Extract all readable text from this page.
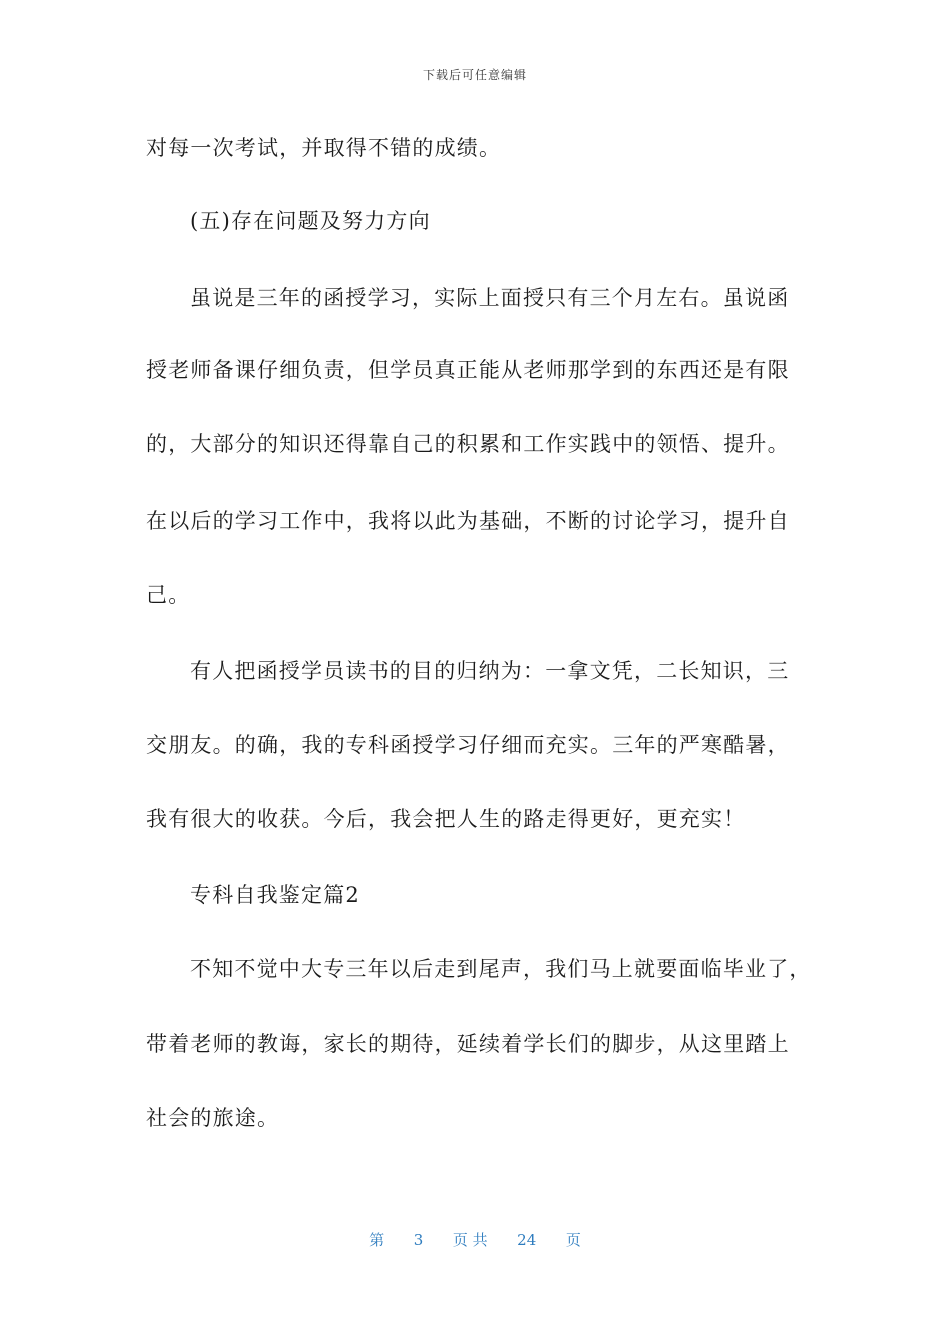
下载后可任意编辑
对每一次考试，并取得不错的成绩。
(五)存在问题及努力方向
虽说是三年的函授学习，实际上面授只有三个月左右。虽说函
授老师备课仔细负责，但学员真正能从老师那学到的东西还是有限
的，大部分的知识还得靠自己的积累和工作实践中的领悟、提升。
在以后的学习工作中，我将以此为基础，不断的讨论学习，提升自
己。
有人把函授学员读书的目的归纳为：一拿文凭，二长知识，三
交朋友。的确，我的专科函授学习仔细而充实。三年的严寒酷暑，
我有很大的收获。今后，我会把人生的路走得更好，更充实！
专科自我鉴定篇2
不知不觉中大专三年以后走到尾声，我们马上就要面临毕业了，
带着老师的教诲，家长的期待，延续着学长们的脚步，从这里踏上
社会的旅途。
第 3 页 共 24 页
